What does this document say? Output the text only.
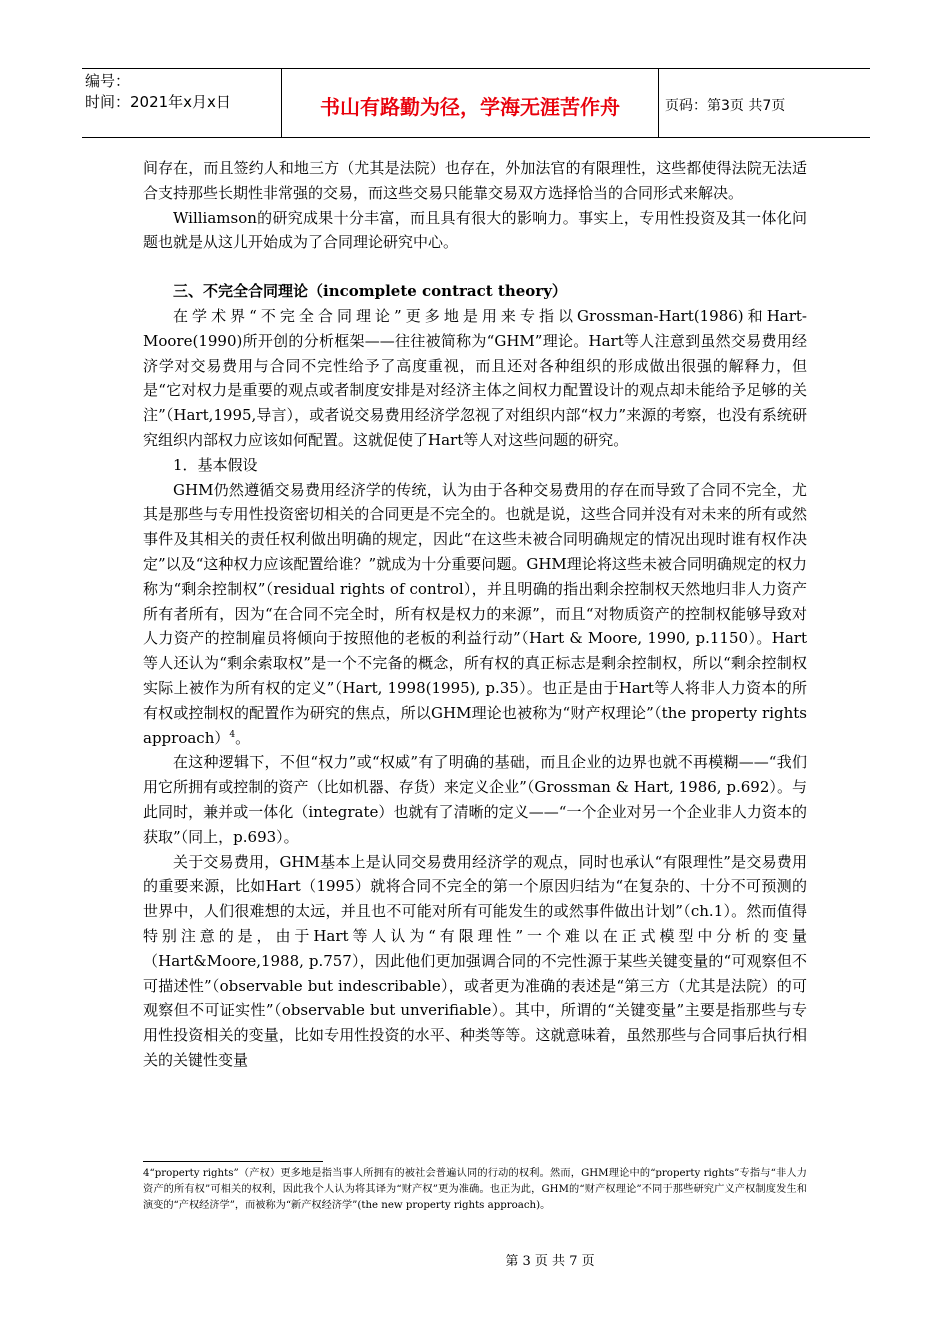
编号：
时间：2021年x月x日	书山有路勤为径，学海无涯苦作舟	页码：第3页 共7页

间存在，而且签约人和地三方（尤其是法院）也存在，外加法官的有限理性，这些都使得法院无法适合支持那些长期性非常强的交易，而这些交易只能靠交易双方选择恰当的合同形式来解决。

Williamson的研究成果十分丰富，而且具有很大的影响力。事实上，专用性投资及其一体化问题也就是从这儿开始成为了合同理论研究中心。

三、不完全合同理论（incomplete contract theory）

在学术界“不完全合同理论”更多地是用来专指以Grossman-Hart(1986)和Hart-Moore(1990)所开创的分析框架——往往被简称为“GHM”理论。Hart等人注意到虽然交易费用经济学对交易费用与合同不完性给予了高度重视，而且还对各种组织的形成做出很强的解释力，但是“它对权力是重要的观点或者制度安排是对经济主体之间权力配置设计的观点却未能给予足够的关注”（Hart,1995,导言），或者说交易费用经济学忽视了对组织内部“权力”来源的考察，也没有系统研究组织内部权力应该如何配置。这就促使了Hart等人对这些问题的研究。

1．基本假设

GHM仍然遵循交易费用经济学的传统，认为由于各种交易费用的存在而导致了合同不完全，尤其是那些与专用性投资密切相关的合同更是不完全的。也就是说，这些合同并没有对未来的所有或然事件及其相关的责任权利做出明确的规定，因此“在这些未被合同明确规定的情况出现时谁有权作决定”以及“这种权力应该配置给谁？”就成为十分重要问题。GHM理论将这些未被合同明确规定的权力称为“剩余控制权”（residual rights of control），并且明确的指出剩余控制权天然地归非人力资产所有者所有，因为“在合同不完全时，所有权是权力的来源”，而且“对物质资产的控制权能够导致对人力资产的控制雇员将倾向于按照他的老板的利益行动”（Hart & Moore, 1990, p.1150）。Hart等人还认为“剩余索取权”是一个不完备的概念，所有权的真正标志是剩余控制权，所以“剩余控制权实际上被作为所有权的定义”（Hart, 1998(1995), p.35）。也正是由于Hart等人将非人力资本的所有权或控制权的配置作为研究的焦点，所以GHM理论也被称为“财产权理论”（the property rights approach）$^4$。

在这种逻辑下，不但“权力”或“权威”有了明确的基础，而且企业的边界也就不再模糊——“我们用它所拥有或控制的资产（比如机器、存货）来定义企业”（Grossman & Hart, 1986, p.692）。与此同时，兼并或一体化（integrate）也就有了清晰的定义——“一个企业对另一个企业非人力资本的获取”（同上，p.693）。

关于交易费用，GHM基本上是认同交易费用经济学的观点，同时也承认“有限理性”是交易费用的重要来源，比如Hart（1995）就将合同不完全的第一个原因归结为“在复杂的、十分不可预测的世界中，人们很难想的太远，并且也不可能对所有可能发生的或然事件做出计划”（ch.1）。然而值得特别注意的是，由于Hart等人认为“有限理性”一个难以在正式模型中分析的变量（Hart&Moore,1988, p.757），因此他们更加强调合同的不完性源于某些关键变量的“可观察但不可描述性”（observable but indescribable），或者更为准确的表述是“第三方（尤其是法院）的可观察但不可证实性”（observable but unverifiable）。其中，所谓的“关键变量”主要是指那些与专用性投资相关的变量，比如专用性投资的水平、种类等等。这就意味着，虽然那些与合同事后执行相关的关键性变量

4“property rights”（产权）更多地是指当事人所拥有的被社会普遍认同的行动的权利。然而，GHM理论中的“property rights”专指与“非人力资产的所有权”可相关的权利，因此我个人认为将其译为“财产权”更为准确。也正为此，GHM的“财产权理论”不同于那些研究广义产权制度发生和演变的“产权经济学”，而被称为“新产权经济学”(the new property rights approach)。

第 3 页 共 7 页
